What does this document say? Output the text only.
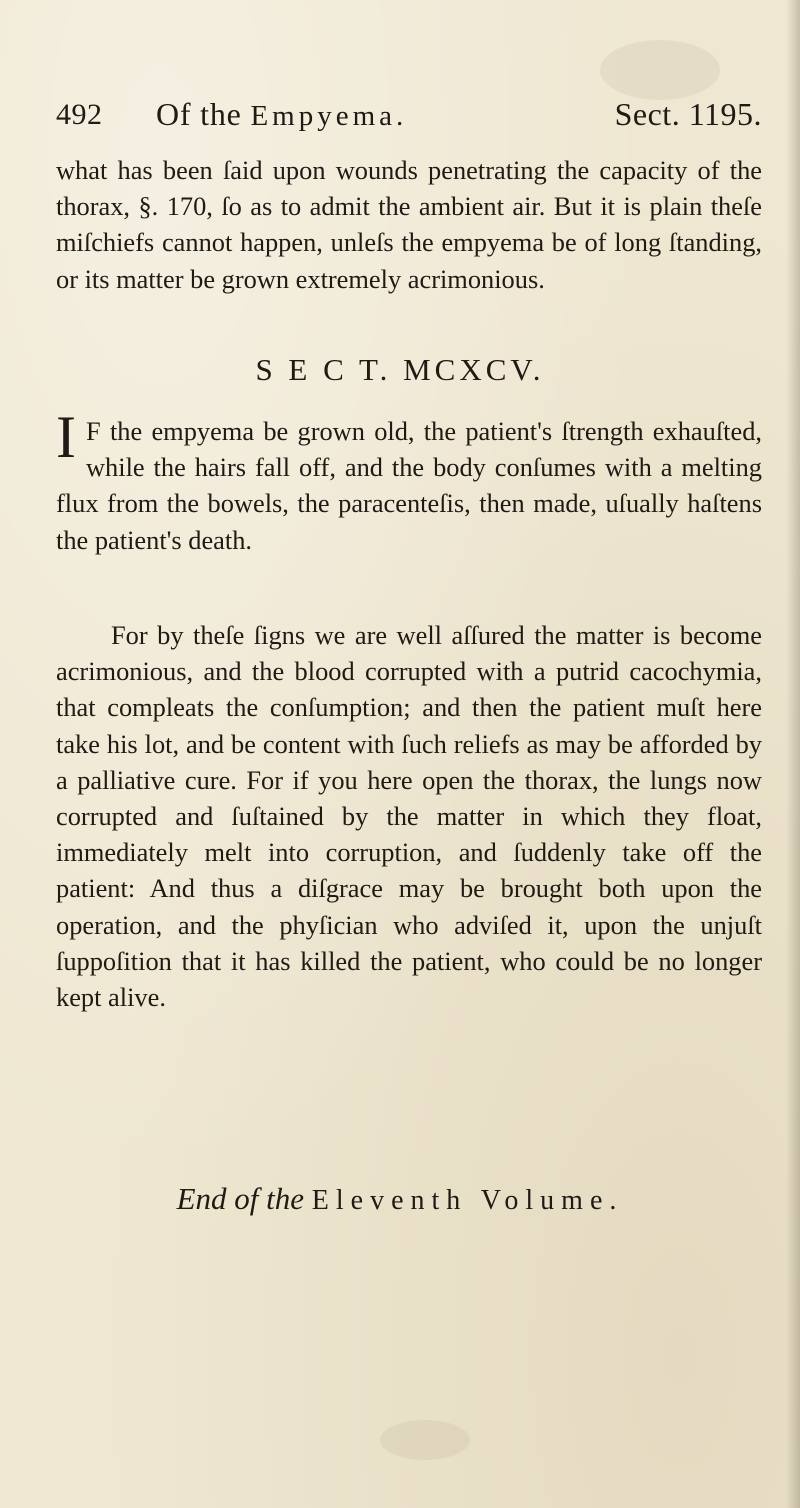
492 Of the Empyema.	Sect. 1195.

what has been ſaid upon wounds penetrating the capacity of the thorax, §. 170, ſo as to admit the ambient air. But it is plain theſe miſchiefs cannot happen, unleſs the empyema be of long ſtanding, or its matter be grown extremely acrimonious.

S E C T. MCXCV.

I F the empyema be grown old, the patient's ſtrength exhauſted, while the hairs fall off, and the body conſumes with a melting flux from the bowels, the paracenteſis, then made, uſually haſtens the patient's death.

For by theſe ſigns we are well aſſured the matter is become acrimonious, and the blood corrupted with a putrid cacochymia, that compleats the conſumption; and then the patient muſt here take his lot, and be content with ſuch reliefs as may be afforded by a palliative cure. For if you here open the thorax, the lungs now corrupted and ſuſtained by the matter in which they float, immediately melt into corruption, and ſuddenly take off the patient: And thus a diſgrace may be brought both upon the operation, and the phyſician who adviſed it, upon the unjuſt ſuppoſition that it has killed the patient, who could be no longer kept alive.

End of the Eleventh Volume.
